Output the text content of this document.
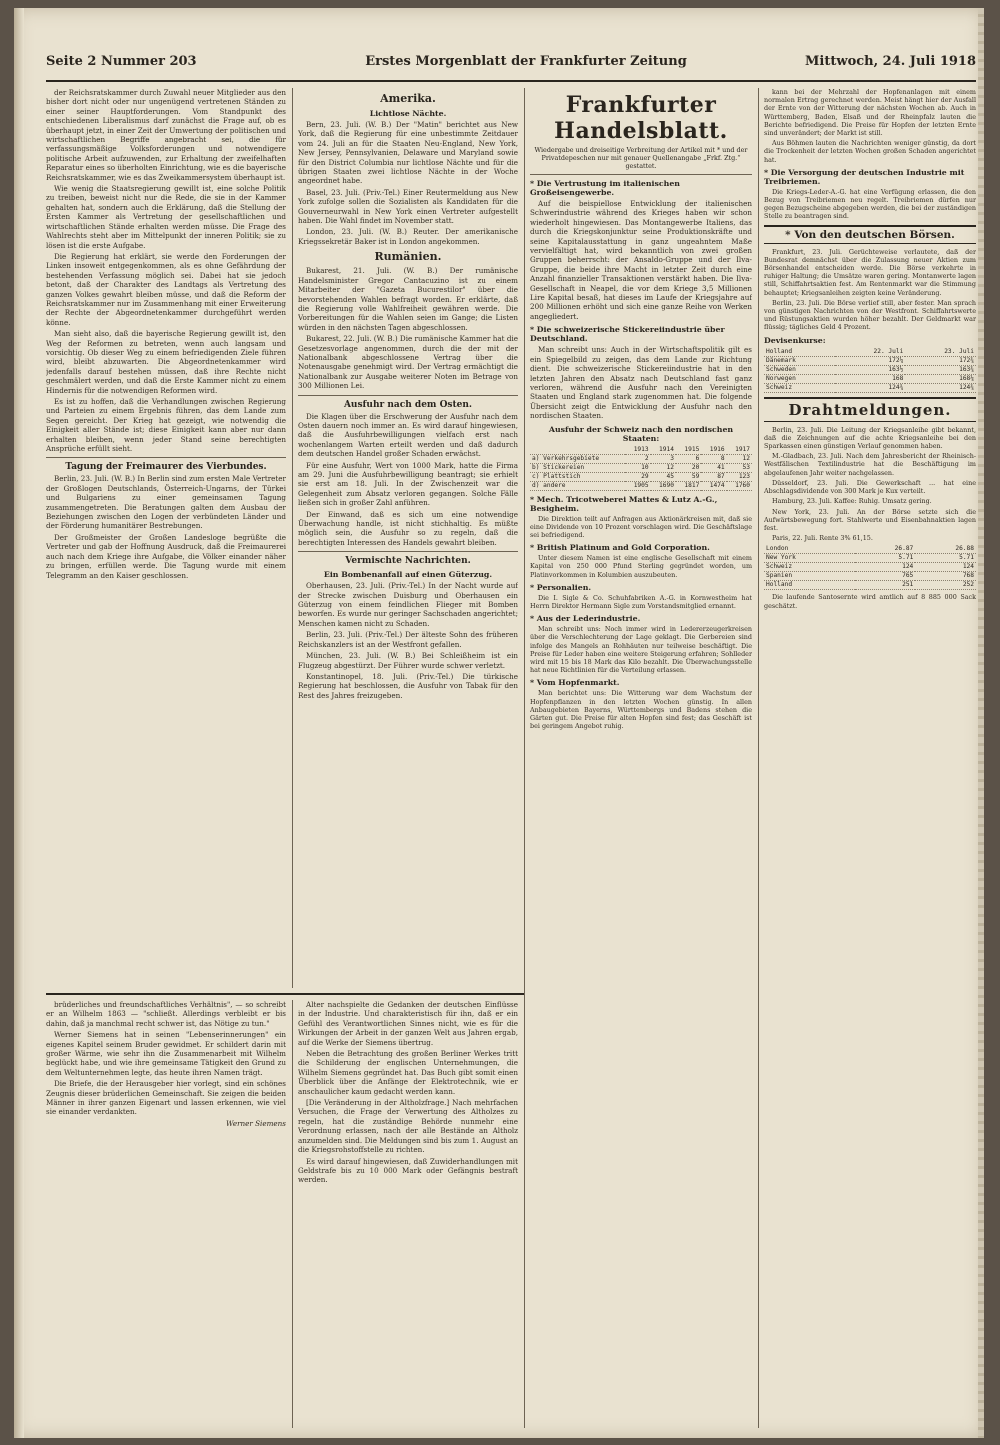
Seite 2 Nummer 203	Erstes Morgenblatt der Frankfurter Zeitung	Mittwoch, 24. Juli 1918

der Reichsratskammer durch Zuwahl neuer Mitglieder aus den bisher dort nicht oder nur ungenügend vertretenen Ständen zu einer seiner Hauptforderungen. Vom Standpunkt des entschiedenen Liberalismus darf zunächst die Frage auf, ob es überhaupt jetzt, in einer Zeit der Umwertung der politischen und wirtschaftlichen Begriffe angebracht sei, die für verfassungsmäßige Volksforderungen und notwendigere politische Arbeit aufzuwenden, zur Erhaltung der zweifelhaften Reparatur eines so überholten Einrichtung, wie es die bayerische Reichsratskammer, wie es das Zweikammersystem überhaupt ist.

Wie wenig die Staatsregierung gewillt ist, eine solche Politik zu treiben, beweist nicht nur die Rede, die sie in der Kammer gehalten hat, sondern auch die Erklärung, daß die Stellung der Ersten Kammer als Vertretung der gesellschaftlichen und wirtschaftlichen Stände erhalten werden müsse. Die Frage des Wahlrechts steht aber im Mittelpunkt der inneren Politik; sie zu lösen ist die erste Aufgabe.

Die Regierung hat erklärt, sie werde den Forderungen der Linken insoweit entgegenkommen, als es ohne Gefährdung der bestehenden Verfassung möglich sei. Dabei hat sie jedoch betont, daß der Charakter des Landtags als Vertretung des ganzen Volkes gewahrt bleiben müsse, und daß die Reform der Reichsratskammer nur im Zusammenhang mit einer Erweiterung der Rechte der Abgeordnetenkammer durchgeführt werden könne.

Man sieht also, daß die bayerische Regierung gewillt ist, den Weg der Reformen zu betreten, wenn auch langsam und vorsichtig. Ob dieser Weg zu einem befriedigenden Ziele führen wird, bleibt abzuwarten. Die Abgeordnetenkammer wird jedenfalls darauf bestehen müssen, daß ihre Rechte nicht geschmälert werden, und daß die Erste Kammer nicht zu einem Hindernis für die notwendigen Reformen wird.

Es ist zu hoffen, daß die Verhandlungen zwischen Regierung und Parteien zu einem Ergebnis führen, das dem Lande zum Segen gereicht. Der Krieg hat gezeigt, wie notwendig die Einigkeit aller Stände ist; diese Einigkeit kann aber nur dann erhalten bleiben, wenn jeder Stand seine berechtigten Ansprüche erfüllt sieht.

Tagung der Freimaurer des Vierbundes.

Berlin, 23. Juli. (W. B.) In Berlin sind zum ersten Male Vertreter der Großlogen Deutschlands, Österreich-Ungarns, der Türkei und Bulgariens zu einer gemeinsamen Tagung zusammengetreten. Die Beratungen galten dem Ausbau der Beziehungen zwischen den Logen der verbündeten Länder und der Förderung humanitärer Bestrebungen.

Der Großmeister der Großen Landesloge begrüßte die Vertreter und gab der Hoffnung Ausdruck, daß die Freimaurerei auch nach dem Kriege ihre Aufgabe, die Völker einander näher zu bringen, erfüllen werde. Die Tagung wurde mit einem Telegramm an den Kaiser geschlossen.

Amerika.
Lichtlose Nächte.

Bern, 23. Juli. (W. B.) Der "Matin" berichtet aus New York, daß die Regierung für eine unbestimmte Zeitdauer vom 24. Juli an für die Staaten Neu-England, New York, New Jersey, Pennsylvanien, Delaware und Maryland sowie für den District Columbia nur lichtlose Nächte und für die übrigen Staaten zwei lichtlose Nächte in der Woche angeordnet habe.

Basel, 23. Juli. (Priv.-Tel.) Einer Reutermeldung aus New York zufolge sollen die Sozialisten als Kandidaten für die Gouverneurwahl in New York einen Vertreter aufgestellt haben. Die Wahl findet im November statt.

London, 23. Juli. (W. B.) Reuter. Der amerikanische Kriegssekretär Baker ist in London angekommen.

Rumänien.

Bukarest, 21. Juli. (W. B.) Der rumänische Handelsminister Gregor Cantacuzino ist zu einem Mitarbeiter der "Gazeta Bucurestilor" über die bevorstehenden Wahlen befragt worden. Er erklärte, daß die Regierung volle Wahlfreiheit gewähren werde. Die Vorbereitungen für die Wahlen seien im Gange; die Listen würden in den nächsten Tagen abgeschlossen.

Bukarest, 22. Juli. (W. B.) Die rumänische Kammer hat die Gesetzesvorlage angenommen, durch die der mit der Nationalbank abgeschlossene Vertrag über die Notenausgabe genehmigt wird. Der Vertrag ermächtigt die Nationalbank zur Ausgabe weiterer Noten im Betrage von 300 Millionen Lei.

Ausfuhr nach dem Osten.

Die Klagen über die Erschwerung der Ausfuhr nach dem Osten dauern noch immer an. Es wird darauf hingewiesen, daß die Ausfuhrbewilligungen vielfach erst nach wochenlangem Warten erteilt werden und daß dadurch dem deutschen Handel großer Schaden erwächst.

Für eine Ausfuhr, Wert von 1000 Mark, hatte die Firma am 29. Juni die Ausfuhrbewilligung beantragt; sie erhielt sie erst am 18. Juli. In der Zwischenzeit war die Gelegenheit zum Absatz verloren gegangen. Solche Fälle ließen sich in großer Zahl anführen.

Der Einwand, daß es sich um eine notwendige Überwachung handle, ist nicht stichhaltig. Es müßte möglich sein, die Ausfuhr so zu regeln, daß die berechtigten Interessen des Handels gewahrt bleiben.

Vermischte Nachrichten.
Ein Bombenanfall auf einen Güterzug.

Oberhausen, 23. Juli. (Priv.-Tel.) In der Nacht wurde auf der Strecke zwischen Duisburg und Oberhausen ein Güterzug von einem feindlichen Flieger mit Bomben beworfen. Es wurde nur geringer Sachschaden angerichtet; Menschen kamen nicht zu Schaden.

Berlin, 23. Juli. (Priv.-Tel.) Der älteste Sohn des früheren Reichskanzlers ist an der Westfront gefallen.

München, 23. Juli. (W. B.) Bei Schleißheim ist ein Flugzeug abgestürzt. Der Führer wurde schwer verletzt.

Konstantinopel, 18. Juli. (Priv.-Tel.) Die türkische Regierung hat beschlossen, die Ausfuhr von Tabak für den Rest des Jahres freizugeben.

Frankfurter Handelsblatt.
Wiedergabe und dreiseitige Verbreitung der Artikel mit * und der Privatdepeschen nur mit genauer Quellenangabe „Frkf. Ztg.“ gestattet.
* Die Vertrustung im italienischen Großeisengewerbe.

Auf die beispiellose Entwicklung der italienischen Schwerindustrie während des Krieges haben wir schon wiederholt hingewiesen. Das Montangewerbe Italiens, das durch die Kriegskonjunktur seine Produktionskräfte und seine Kapitalausstattung in ganz ungeahntem Maße vervielfältigt hat, wird bekanntlich von zwei großen Gruppen beherrscht: der Ansaldo-Gruppe und der Ilva-Gruppe, die beide ihre Macht in letzter Zeit durch eine Anzahl finanzieller Transaktionen verstärkt haben. Die Ilva-Gesellschaft in Neapel, die vor dem Kriege 3,5 Millionen Lire Kapital besaß, hat dieses im Laufe der Kriegsjahre auf 200 Millionen erhöht und sich eine ganze Reihe von Werken angegliedert.

* Die schweizerische Stickereiindustrie über Deutschland.

Man schreibt uns: Auch in der Wirtschaftspolitik gilt es ein Spiegelbild zu zeigen, das dem Lande zur Richtung dient. Die schweizerische Stickereiindustrie hat in den letzten Jahren den Absatz nach Deutschland fast ganz verloren, während die Ausfuhr nach den Vereinigten Staaten und England stark zugenommen hat. Die folgende Übersicht zeigt die Entwicklung der Ausfuhr nach den nordischen Staaten.

Ausfuhr der Schweiz nach den nordischen Staaten:
	1913	1914	1915	1916	1917
a) Verkehrsgebiete	2	3	6	8	12
b) Stickereien	10	12	20	41	53
c) Plattstich	29	45	59	87	123
d) andere	1905	1690	1817	1474	1760
* Mech. Tricotweberei Mattes & Lutz A.-G., Besigheim.

Die Direktion teilt auf Anfragen aus Aktionärkreisen mit, daß sie eine Dividende von 10 Prozent vorschlagen wird. Die Geschäftslage sei befriedigend.

* British Platinum and Gold Corporation.

Unter diesem Namen ist eine englische Gesellschaft mit einem Kapital von 250 000 Pfund Sterling gegründet worden, um Platinvorkommen in Kolumbien auszubeuten.

* Personalien.

Die I. Sigle & Co. Schuhfabriken A.-G. in Kornwestheim hat Herrn Direktor Hermann Sigle zum Vorstandsmitglied ernannt.

* Aus der Lederindustrie.

Man schreibt uns: Noch immer wird in Ledererzeugerkreisen über die Verschlechterung der Lage geklagt. Die Gerbereien sind infolge des Mangels an Rohhäuten nur teilweise beschäftigt. Die Preise für Leder haben eine weitere Steigerung erfahren; Sohlleder wird mit 15 bis 18 Mark das Kilo bezahlt. Die Überwachungsstelle hat neue Richtlinien für die Verteilung erlassen.

* Vom Hopfenmarkt.

Man berichtet uns: Die Witterung war dem Wachstum der Hopfenpflanzen in den letzten Wochen günstig. In allen Anbaugebieten Bayerns, Württembergs und Badens stehen die Gärten gut. Die Preise für alten Hopfen sind fest; das Geschäft ist bei geringem Angebot ruhig.

kann bei der Mehrzahl der Hopfenanlagen mit einem normalen Ertrag gerechnet werden. Meist hängt hier der Ausfall der Ernte von der Witterung der nächsten Wochen ab. Auch in Württemberg, Baden, Elsaß und der Rheinpfalz lauten die Berichte befriedigend. Die Preise für Hopfen der letzten Ernte sind unverändert; der Markt ist still.

Aus Böhmen lauten die Nachrichten weniger günstig, da dort die Trockenheit der letzten Wochen großen Schaden angerichtet hat.

* Die Versorgung der deutschen Industrie mit Treibriemen.

Die Kriegs-Leder-A.-G. hat eine Verfügung erlassen, die den Bezug von Treibriemen neu regelt. Treibriemen dürfen nur gegen Bezugscheine abgegeben werden, die bei der zuständigen Stelle zu beantragen sind.

* Von den deutschen Börsen.

Frankfurt, 23. Juli. Gerüchteweise verlautete, daß der Bundesrat demnächst über die Zulassung neuer Aktien zum Börsenhandel entscheiden werde. Die Börse verkehrte in ruhiger Haltung; die Umsätze waren gering. Montanwerte lagen still, Schiffahrtsaktien fest. Am Rentenmarkt war die Stimmung behauptet; Kriegsanleihen zeigten keine Veränderung.

Berlin, 23. Juli. Die Börse verlief still, aber fester. Man sprach von günstigen Nachrichten von der Westfront. Schiffahrtswerte und Rüstungsaktien wurden höher bezahlt. Der Geldmarkt war flüssig; tägliches Geld 4 Prozent.

Devisenkurse:
Holland	22. Juli	23. Juli
Dänemark	172¼	172¾
Schweden	163½	163¾
Norwegen	168	168¼
Schweiz	124¾	124¾
Drahtmeldungen.

Berlin, 23. Juli. Die Leitung der Kriegsanleihe gibt bekannt, daß die Zeichnungen auf die achte Kriegsanleihe bei den Sparkassen einen günstigen Verlauf genommen haben.

M.-Gladbach, 23. Juli. Nach dem Jahresbericht der Rheinisch-Westfälischen Textilindustrie hat die Beschäftigung im abgelaufenen Jahr weiter nachgelassen.

Düsseldorf, 23. Juli. Die Gewerkschaft ... hat eine Abschlagsdividende von 300 Mark je Kux verteilt.

Hamburg, 23. Juli. Kaffee: Ruhig. Umsatz gering.

New York, 23. Juli. An der Börse setzte sich die Aufwärtsbewegung fort. Stahlwerte und Eisenbahnaktien lagen fest.

Paris, 22. Juli. Rente 3% 61,15.

London	26.87	26.88
New York	5.71	5.71
Schweiz	124	124
Spanien	765	768
Holland	251	252

Die laufende Santosernte wird amtlich auf 8 885 000 Sack geschätzt.

brüderliches und freundschaftliches Verhältnis", — so schreibt er an Wilhelm 1863 — "schließt. Allerdings verbleibt er bis dahin, daß ja manchmal recht schwer ist, das Nötige zu tun."

Werner Siemens hat in seinen "Lebenserinnerungen" ein eigenes Kapitel seinem Bruder gewidmet. Er schildert darin mit großer Wärme, wie sehr ihn die Zusammenarbeit mit Wilhelm beglückt habe, und wie ihre gemeinsame Tätigkeit den Grund zu dem Weltunternehmen legte, das heute ihren Namen trägt.

Die Briefe, die der Herausgeber hier vorlegt, sind ein schönes Zeugnis dieser brüderlichen Gemeinschaft. Sie zeigen die beiden Männer in ihrer ganzen Eigenart und lassen erkennen, wie viel sie einander verdankten.

Werner Siemens

Alter nachspielte die Gedanken der deutschen Einflüsse in der Industrie. Und charakteristisch für ihn, daß er ein Gefühl des Verantwortlichen Sinnes nicht, wie es für die Wirkungen der Arbeit in der ganzen Welt aus Jahren ergab, auf die Werke der Siemens übertrug.

Neben die Betrachtung des großen Berliner Werkes tritt die Schilderung der englischen Unternehmungen, die Wilhelm Siemens gegründet hat. Das Buch gibt somit einen Überblick über die Anfänge der Elektrotechnik, wie er anschaulicher kaum gedacht werden kann.

[Die Veränderung in der Altholzfrage.] Nach mehrfachen Versuchen, die Frage der Verwertung des Altholzes zu regeln, hat die zuständige Behörde nunmehr eine Verordnung erlassen, nach der alle Bestände an Altholz anzumelden sind. Die Meldungen sind bis zum 1. August an die Kriegsrohstoffstelle zu richten.

Es wird darauf hingewiesen, daß Zuwiderhandlungen mit Geldstrafe bis zu 10 000 Mark oder Gefängnis bestraft werden.
